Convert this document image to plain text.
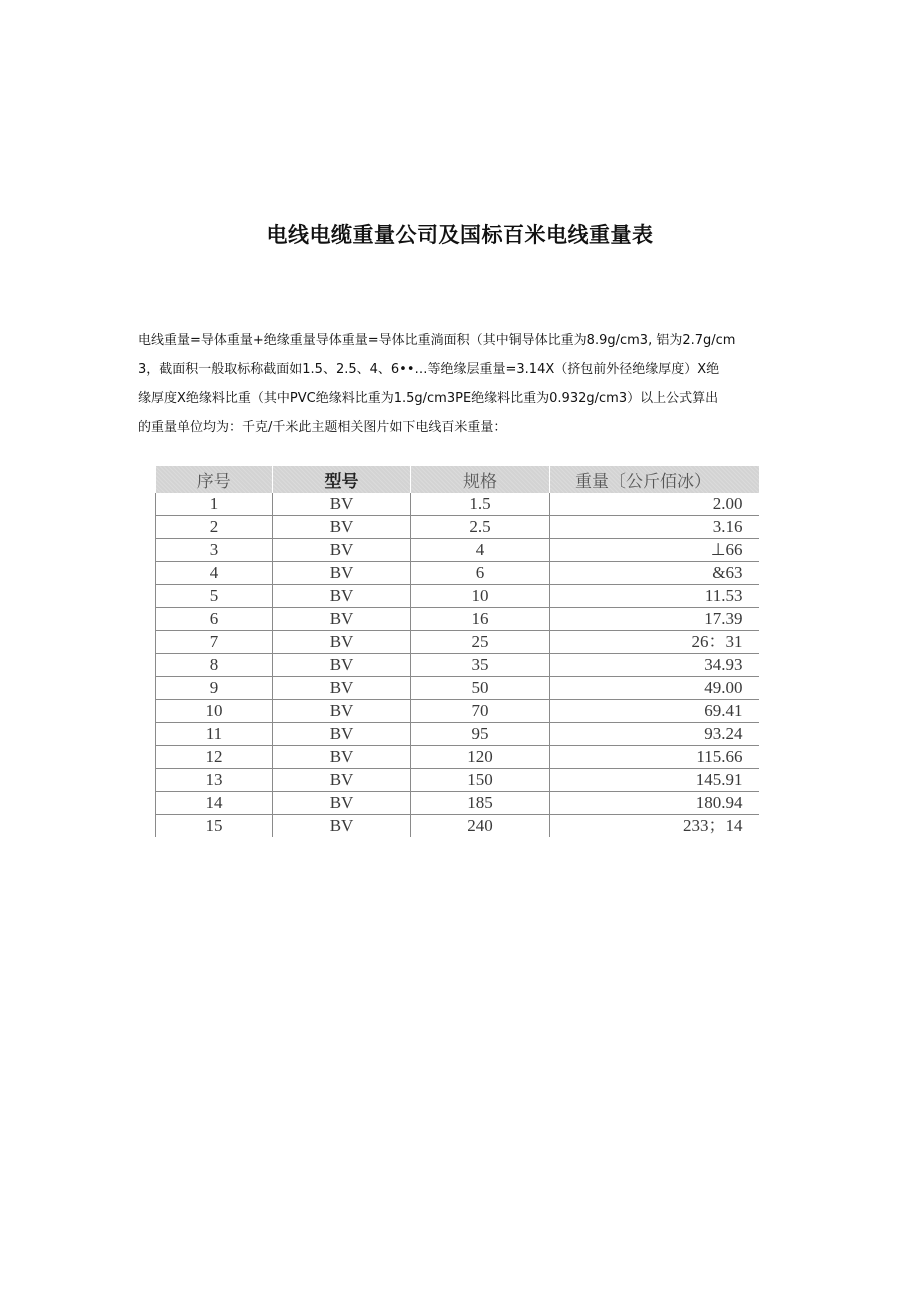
电线电缆重量公司及国标百米电线重量表

电线重量=导体重量+绝缘重量导体重量=导体比重淌面积（其中铜导体比重为8.9g/cm3, 铝为2.7g/cm
3，截面积一般取标称截面如1.5、2.5、4、6••…等绝缘层重量=3.14X（挤包前外径绝缘厚度）X绝
缘厚度X绝缘料比重（其中PVC绝缘料比重为1.5g/cm3PE绝缘料比重为0.932g/cm3）以上公式算出
的重量单位均为：千克/千米此主题相关图片如下电线百米重量：

序号	型号	规格	重量〔公斤佰冰）
1	BV	1.5	2.00
2	BV	2.5	3.16
3	BV	4	⊥66
4	BV	6	&63
5	BV	10	11.53
6	BV	16	17.39
7	BV	25	26：31
8	BV	35	34.93
9	BV	50	49.00
10	BV	70	69.41
11	BV	95	93.24
12	BV	120	115.66
13	BV	150	145.91
14	BV	185	180.94
15	BV	240	233；14
